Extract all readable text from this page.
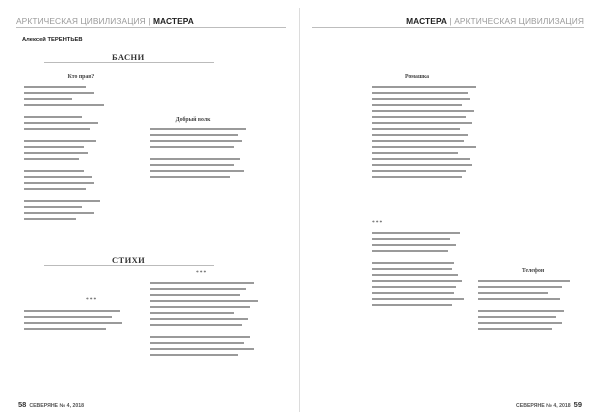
АРКТИЧЕСКАЯ ЦИВИЛИЗАЦИЯ | МАСТЕРА	МАСТЕРА | АРКТИЧЕСКАЯ ЦИВИЛИЗАЦИЯ
Алексей ТЕРЕНТЬЕВ
БАСНИ
Кто прав?
Добрый волк
СТИХИ
***
***
Ромашка
***
Телефон
58 СЕВЕРЯНЕ № 4, 2018	СЕВЕРЯНЕ № 4, 2018 59
